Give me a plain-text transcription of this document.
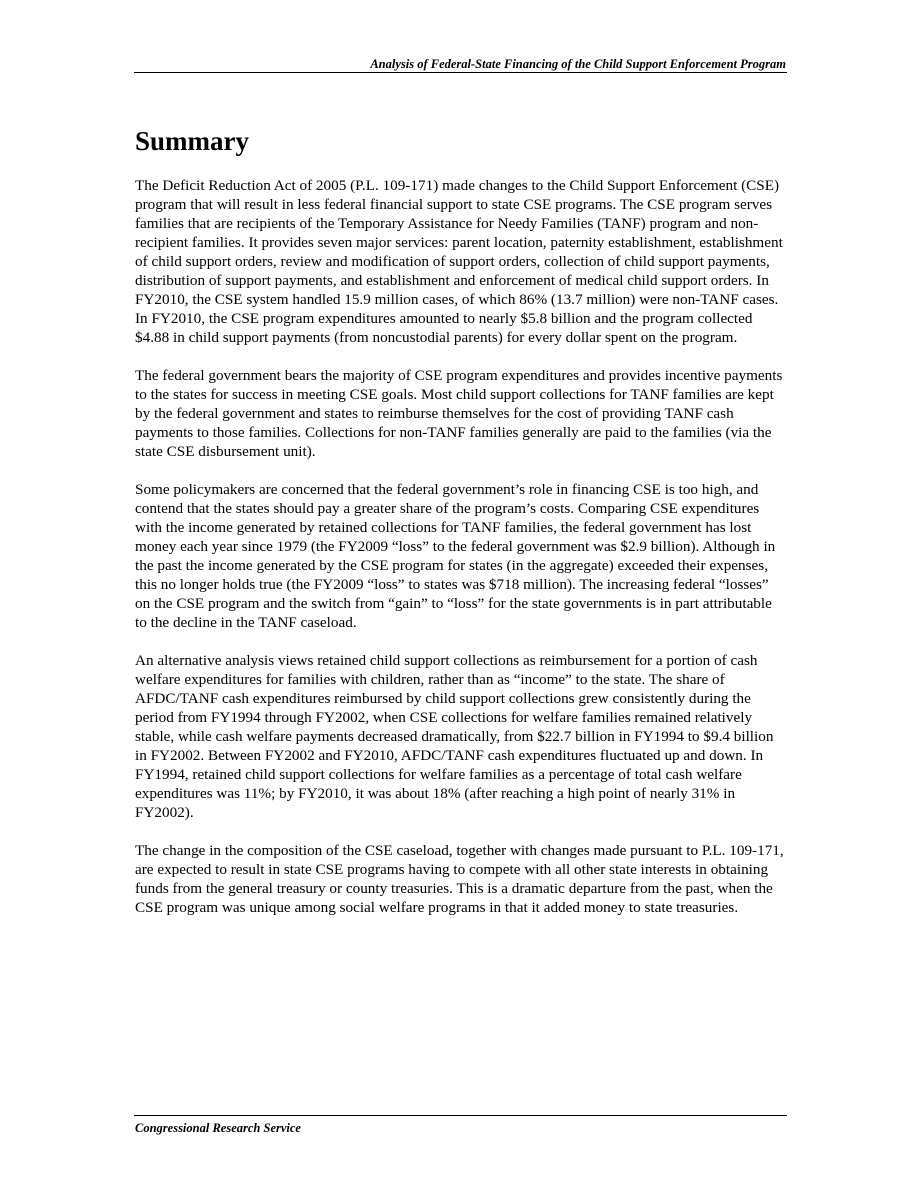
Analysis of Federal-State Financing of the Child Support Enforcement Program
Summary

The Deficit Reduction Act of 2005 (P.L. 109-171) made changes to the Child Support Enforcement (CSE) program that will result in less federal financial support to state CSE programs. The CSE program serves families that are recipients of the Temporary Assistance for Needy Families (TANF) program and non-recipient families. It provides seven major services: parent location, paternity establishment, establishment of child support orders, review and modification of support orders, collection of child support payments, distribution of support payments, and establishment and enforcement of medical child support orders. In FY2010, the CSE system handled 15.9 million cases, of which 86% (13.7 million) were non-TANF cases. In FY2010, the CSE program expenditures amounted to nearly $5.8 billion and the program collected $4.88 in child support payments (from noncustodial parents) for every dollar spent on the program.

The federal government bears the majority of CSE program expenditures and provides incentive payments to the states for success in meeting CSE goals. Most child support collections for TANF families are kept by the federal government and states to reimburse themselves for the cost of providing TANF cash payments to those families. Collections for non-TANF families generally are paid to the families (via the state CSE disbursement unit).

Some policymakers are concerned that the federal government’s role in financing CSE is too high, and contend that the states should pay a greater share of the program’s costs. Comparing CSE expenditures with the income generated by retained collections for TANF families, the federal government has lost money each year since 1979 (the FY2009 “loss” to the federal government was $2.9 billion). Although in the past the income generated by the CSE program for states (in the aggregate) exceeded their expenses, this no longer holds true (the FY2009 “loss” to states was $718 million). The increasing federal “losses” on the CSE program and the switch from “gain” to “loss” for the state governments is in part attributable to the decline in the TANF caseload.

An alternative analysis views retained child support collections as reimbursement for a portion of cash welfare expenditures for families with children, rather than as “income” to the state. The share of AFDC/TANF cash expenditures reimbursed by child support collections grew consistently during the period from FY1994 through FY2002, when CSE collections for welfare families remained relatively stable, while cash welfare payments decreased dramatically, from $22.7 billion in FY1994 to $9.4 billion in FY2002. Between FY2002 and FY2010, AFDC/TANF cash expenditures fluctuated up and down. In FY1994, retained child support collections for welfare families as a percentage of total cash welfare expenditures was 11%; by FY2010, it was about 18% (after reaching a high point of nearly 31% in FY2002).

The change in the composition of the CSE caseload, together with changes made pursuant to P.L. 109-171, are expected to result in state CSE programs having to compete with all other state interests in obtaining funds from the general treasury or county treasuries. This is a dramatic departure from the past, when the CSE program was unique among social welfare programs in that it added money to state treasuries.

Congressional Research Service
